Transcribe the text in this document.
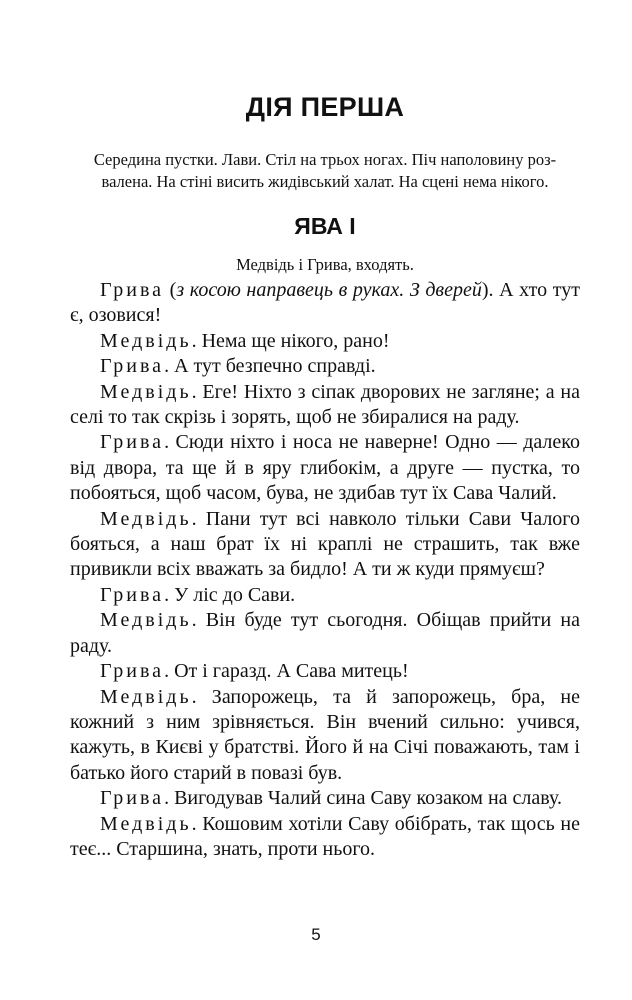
ДІЯ ПЕРША

Середина пустки. Лави. Стіл на трьох ногах. Піч наполовину роз-
валена. На стіні висить жидівський халат. На сцені нема нікого.

ЯВА І

Медвідь і Грива, входять.

Грива (з косою направець в руках. З дверей). А хто тут є, озовися!

Медвідь. Нема ще нікого, рано!

Грива. А тут безпечно справді.

Медвідь. Еге! Ніхто з сіпак дворових не загляне; а на селі то так скрізь і зорять, щоб не збиралися на раду.

Грива. Сюди ніхто і носа не наверне! Одно — далеко від двора, та ще й в яру глибокім, а друге — пустка, то побояться, щоб часом, бува, не здибав тут їх Сава Чалий.

Медвідь. Пани тут всі навколо тільки Сави Чалого бояться, а наш брат їх ні краплі не страшить, так вже привикли всіх вважать за бидло! А ти ж куди прямуєш?

Грива. У ліс до Сави.

Медвідь. Він буде тут сьогодня. Обіщав прийти на раду.

Грива. От і гаразд. А Сава митець!

Медвідь. Запорожець, та й запорожець, бра, не кожний з ним зрівняється. Він вчений сильно: учився, кажуть, в Києві у братстві. Його й на Січі поважають, там і батько його старий в повазі був.

Грива. Вигодував Чалий сина Саву козаком на славу.

Медвідь. Кошовим хотіли Саву обібрать, так щось не теє... Старшина, знать, проти нього.

5
